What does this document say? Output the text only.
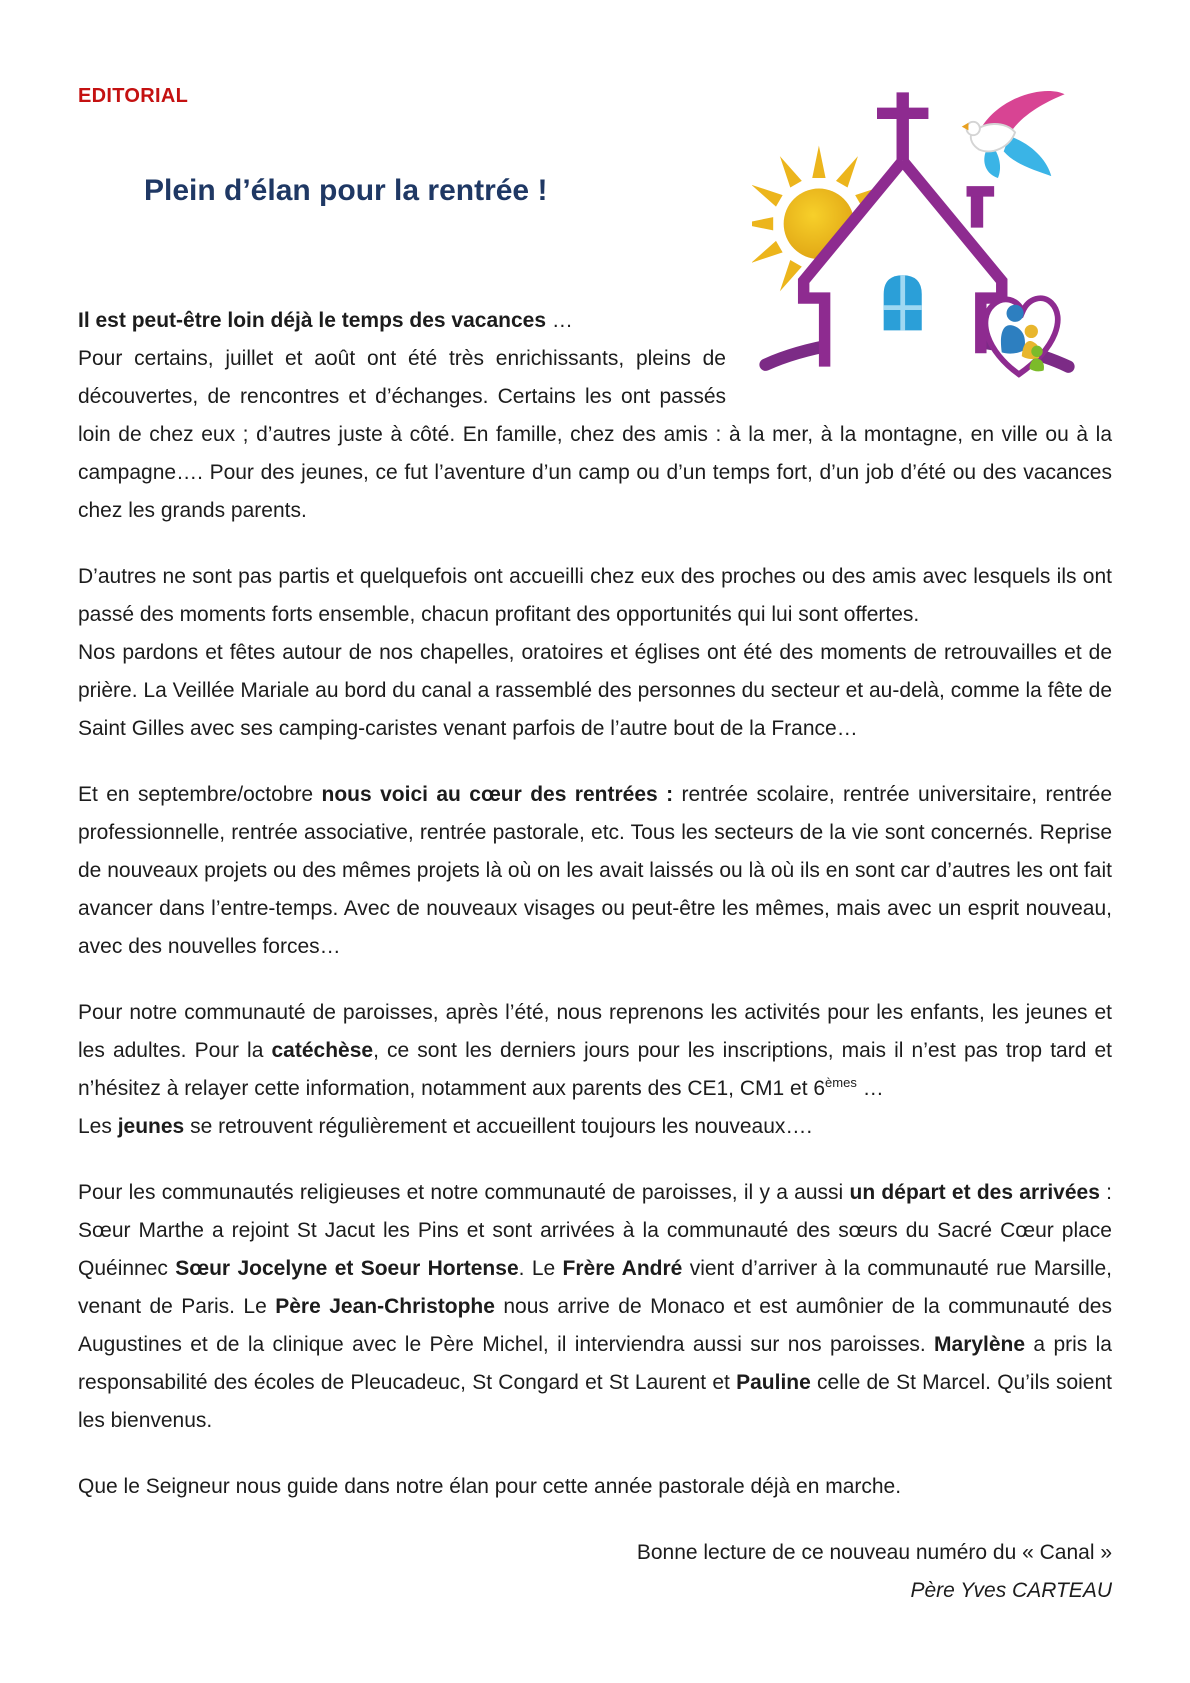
EDITORIAL
Plein d’élan pour la rentrée !

Il est peut-être loin déjà le temps des vacances …

Pour certains, juillet et août ont été très enrichissants, pleins de découvertes, de rencontres et d’échanges. Certains les ont passés loin de chez eux ; d’autres juste à côté. En famille, chez des amis : à la mer, à la montagne, en ville ou à la campagne…. Pour des jeunes, ce fut l’aventure d’un camp ou d’un temps fort, d’un job d’été ou des vacances chez les grands parents.

D’autres ne sont pas partis et quelquefois ont accueilli chez eux des proches ou des amis avec lesquels ils ont passé des moments forts ensemble, chacun profitant des opportunités qui lui sont offertes.

Nos pardons et fêtes autour de nos chapelles, oratoires et églises ont été des moments de retrouvailles et de prière. La Veillée Mariale au bord du canal a rassemblé des personnes du secteur et au-delà, comme la fête de Saint Gilles avec ses camping-caristes venant parfois de l’autre bout de la France…

Et en septembre/octobre nous voici au cœur des rentrées : rentrée scolaire, rentrée universitaire, rentrée professionnelle, rentrée associative, rentrée pastorale, etc. Tous les secteurs de la vie sont concernés. Reprise de nouveaux projets ou des mêmes projets là où on les avait laissés ou là où ils en sont car d’autres les ont fait avancer dans l’entre-temps. Avec de nouveaux visages ou peut-être les mêmes, mais avec un esprit nouveau, avec des nouvelles forces…

Pour notre communauté de paroisses, après l’été, nous reprenons les activités pour les enfants, les jeunes et les adultes. Pour la catéchèse, ce sont les derniers jours pour les inscriptions, mais il n’est pas trop tard et n’hésitez à relayer cette information, notamment aux parents des CE1, CM1 et 6èmes …

Les jeunes se retrouvent régulièrement et accueillent toujours les nouveaux….

Pour les communautés religieuses et notre communauté de paroisses, il y a aussi un départ et des arrivées : Sœur Marthe a rejoint St Jacut les Pins et sont arrivées à la communauté des sœurs du Sacré Cœur place Quéinnec Sœur Jocelyne et Soeur Hortense. Le Frère André vient d’arriver à la communauté rue Marsille, venant de Paris. Le Père Jean-Christophe nous arrive de Monaco et est aumônier de la communauté des Augustines et de la clinique avec le Père Michel, il interviendra aussi sur nos paroisses. Marylène a pris la responsabilité des écoles de Pleucadeuc, St Congard et St Laurent et Pauline celle de St Marcel. Qu’ils soient les bienvenus.

Que le Seigneur nous guide dans notre élan pour cette année pastorale déjà en marche.

Bonne lecture de ce nouveau numéro du « Canal »

Père Yves CARTEAU
